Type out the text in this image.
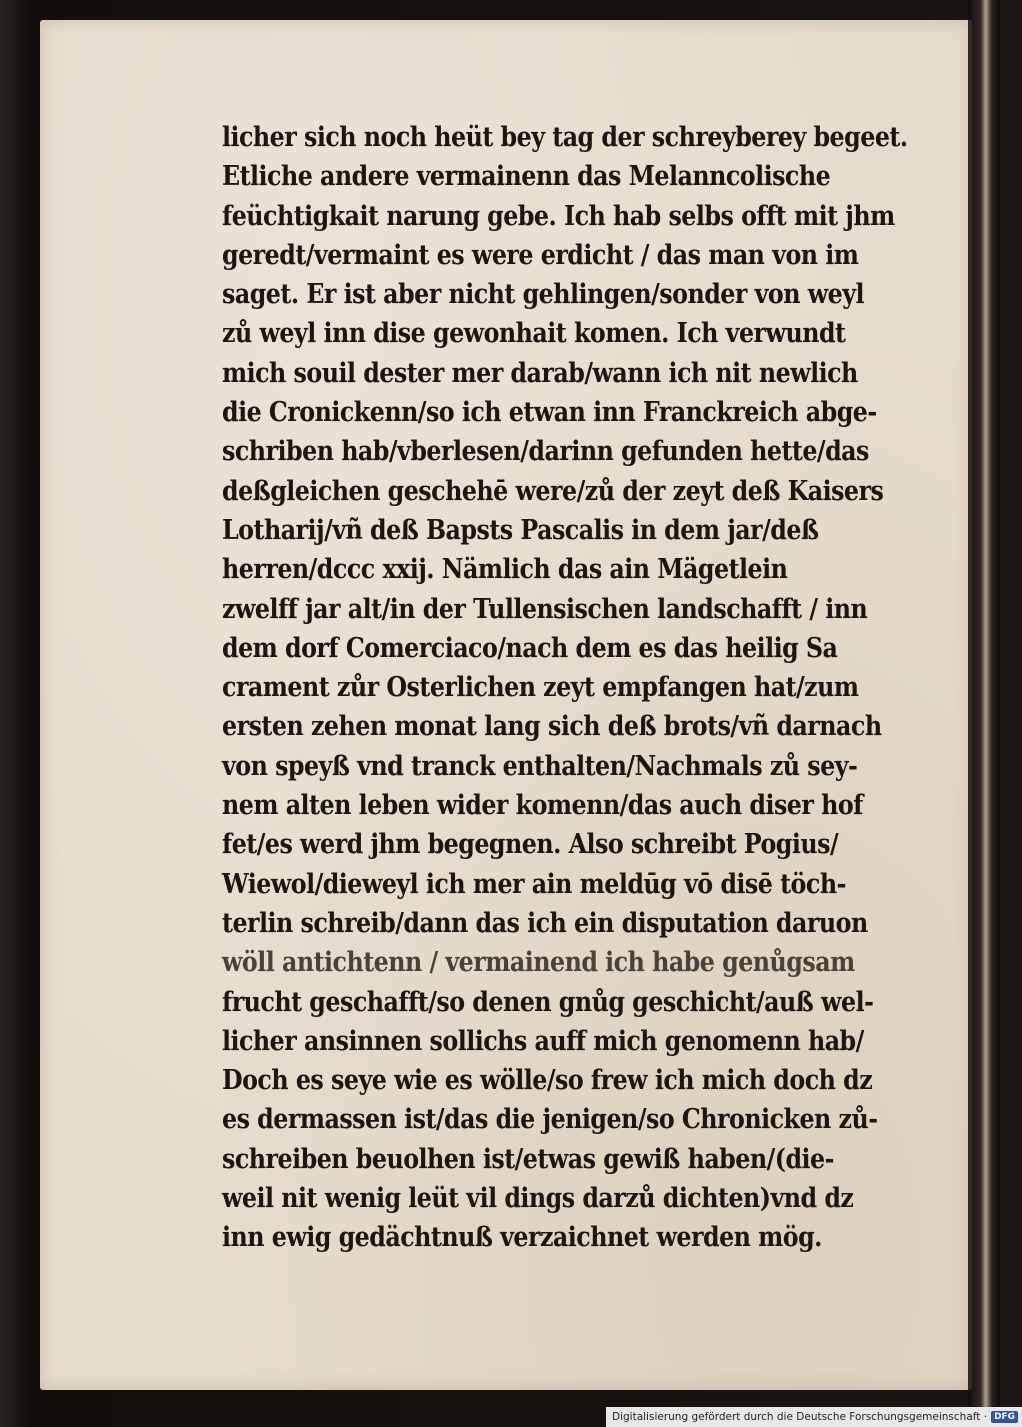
licher sich noch heüt bey tag der schreyberey begeet.
Etliche andere vermainenn das Melanncolische
feüchtigkait narung gebe. Ich hab selbs offt mit jhm
geredt/vermaint es were erdicht / das man von im
saget. Er ist aber nicht gehlingen/sonder von weyl
zů weyl inn dise gewonhait komen. Ich verwundt
mich souil dester mer darab/wann ich nit newlich
die Cronickenn/so ich etwan inn Franckreich abge-
schriben hab/vberlesen/darinn gefunden hette/das
deßgleichen geschehē were/zů der zeyt deß Kaisers
Lotharij/vñ deß Bapsts Pascalis in dem jar/deß
herren/dccc xxij. Nämlich das ain Mägetlein
zwelff jar alt/in der Tullensischen landschafft / inn
dem dorf Comerciaco/nach dem es das heilig Sa
crament zůr Osterlichen zeyt empfangen hat/zum
ersten zehen monat lang sich deß brots/vñ darnach
von speyß vnd tranck enthalten/Nachmals zů sey-
nem alten leben wider komenn/das auch diser hof
fet/es werd jhm begegnen. Also schreibt Pogius/
Wiewol/dieweyl ich mer ain meldūg vō disē töch-
terlin schreib/dann das ich ein disputation daruon
wöll antichtenn / vermainend ich habe genůgsam
frucht geschafft/so denen gnůg geschicht/auß wel-
licher ansinnen sollichs auff mich genomenn hab/
Doch es seye wie es wölle/so frew ich mich doch dz
es dermassen ist/das die jenigen/so Chronicken zů-
schreiben beuolhen ist/etwas gewiß haben/(die-
weil nit wenig leüt vil dings darzů dichten)vnd dz
inn ewig gedächtnuß verzaichnet werden mög.
Digitalisierung gefördert durch die Deutsche Forschungsgemeinschaft · DFG
